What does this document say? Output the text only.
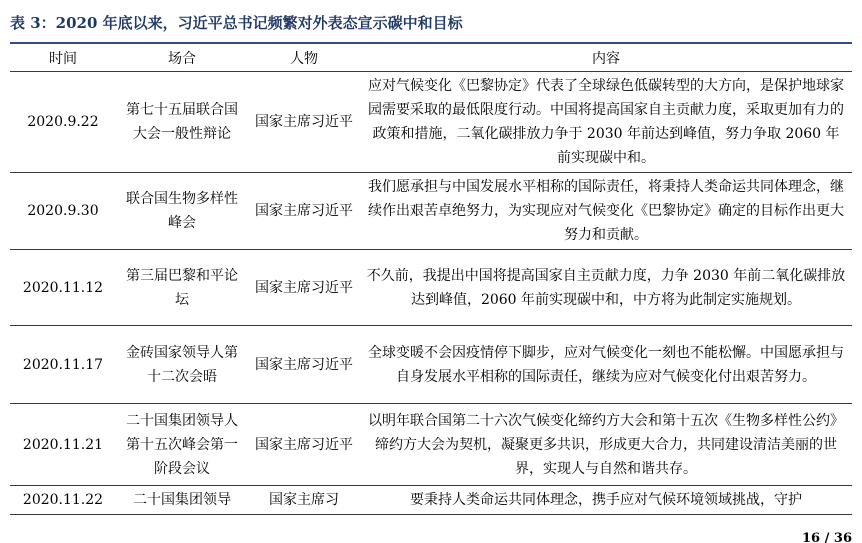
表 3：2020 年底以来，习近平总书记频繁对外表态宣示碳中和目标
时间	场合	人物	内容
2020.9.22	第七十五届联合国大会一般性辩论	国家主席习近平	应对气候变化《巴黎协定》代表了全球绿色低碳转型的大方向，是保护地球家园需要采取的最低限度行动。中国将提高国家自主贡献力度，采取更加有力的政策和措施，二氧化碳排放力争于 2030 年前达到峰值，努力争取 2060 年前实现碳中和。
2020.9.30	联合国生物多样性峰会	国家主席习近平	我们愿承担与中国发展水平相称的国际责任，将秉持人类命运共同体理念，继续作出艰苦卓绝努力，为实现应对气候变化《巴黎协定》确定的目标作出更大努力和贡献。
2020.11.12	第三届巴黎和平论坛	国家主席习近平	不久前，我提出中国将提高国家自主贡献力度，力争 2030 年前二氧化碳排放达到峰值，2060 年前实现碳中和，中方将为此制定实施规划。
2020.11.17	金砖国家领导人第十二次会晤	国家主席习近平	全球变暖不会因疫情停下脚步，应对气候变化一刻也不能松懈。中国愿承担与自身发展水平相称的国际责任，继续为应对气候变化付出艰苦努力。
2020.11.21	二十国集团领导人第十五次峰会第一阶段会议	国家主席习近平	以明年联合国第二十六次气候变化缔约方大会和第十五次《生物多样性公约》缔约方大会为契机，凝聚更多共识，形成更大合力，共同建设清洁美丽的世界，实现人与自然和谐共存。
2020.11.22	二十国集团领导	国家主席习	要秉持人类命运共同体理念，携手应对气候环境领域挑战，守护
16 / 36
